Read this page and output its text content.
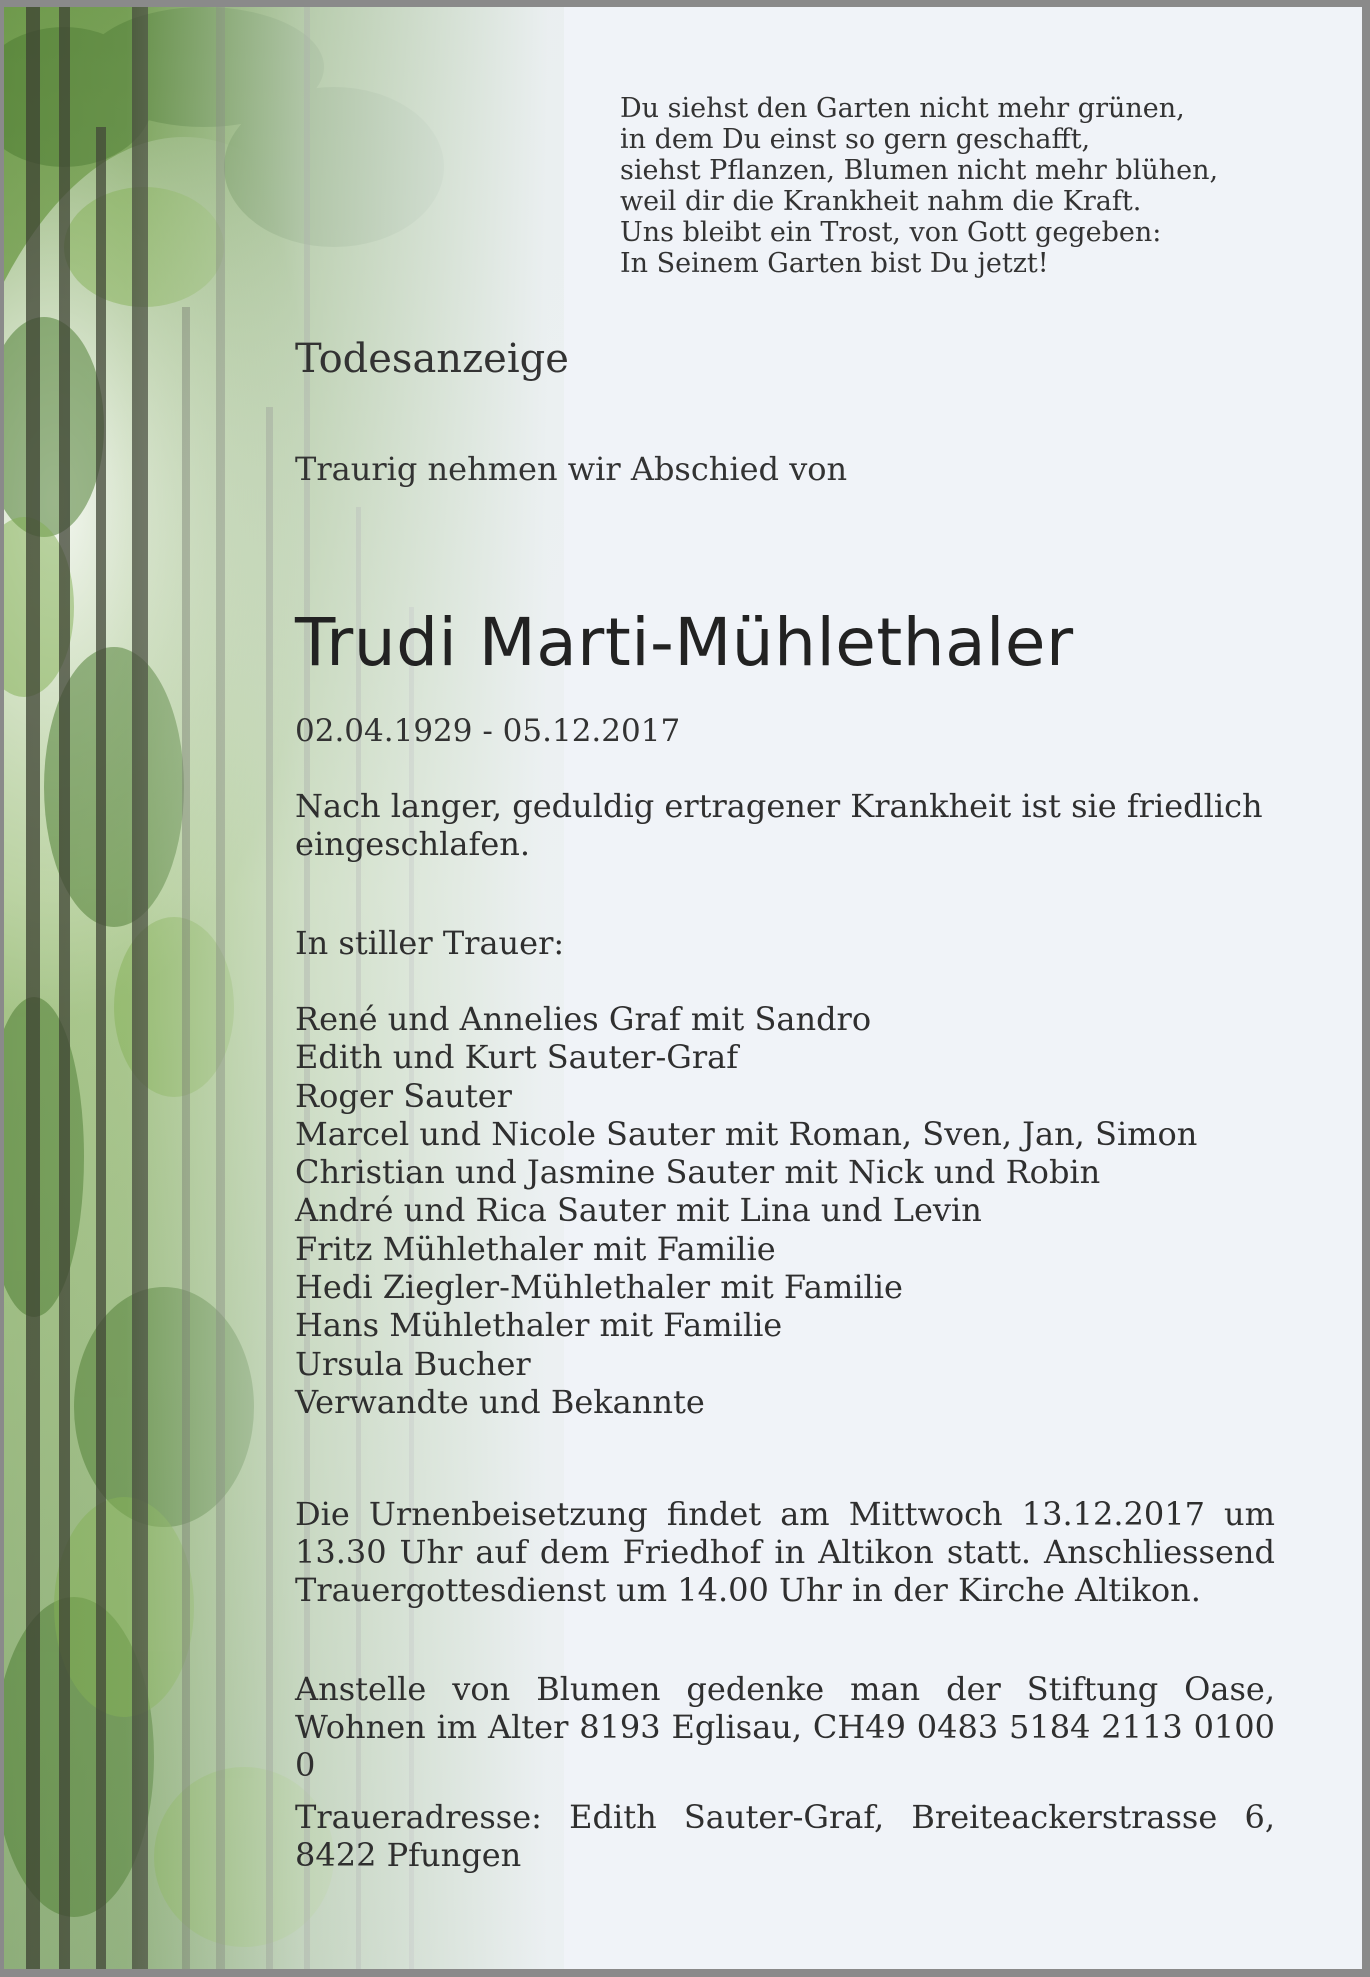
Du siehst den Garten nicht mehr grünen,
in dem Du einst so gern geschafft,
siehst Pflanzen, Blumen nicht mehr blühen,
weil dir die Krankheit nahm die Kraft.
Uns bleibt ein Trost, von Gott gegeben:
In Seinem Garten bist Du jetzt!
Todesanzeige
Traurig nehmen wir Abschied von
Trudi Marti-Mühlethaler
02.04.1929 - 05.12.2017
Nach langer, geduldig ertragener Krankheit ist sie friedlich eingeschlafen.
In stiller Trauer:
René und Annelies Graf mit Sandro
Edith und Kurt Sauter-Graf
Roger Sauter
Marcel und Nicole Sauter mit Roman, Sven, Jan, Simon
Christian und Jasmine Sauter mit Nick und Robin
André und Rica Sauter mit Lina und Levin
Fritz Mühlethaler mit Familie
Hedi Ziegler-Mühlethaler mit Familie
Hans Mühlethaler mit Familie
Ursula Bucher
Verwandte und Bekannte
Die Urnenbeisetzung findet am Mittwoch 13.12.2017 um 13.30 Uhr auf dem Friedhof in Altikon statt. Anschliessend Trauergottesdienst um 14.00 Uhr in der Kirche Altikon.
Anstelle von Blumen gedenke man der Stiftung Oase, Wohnen im Alter 8193 Eglisau, CH49 0483 5184 2113 0100 0
Traueradresse: Edith Sauter-Graf, Breiteackerstrasse 6, 8422 Pfungen
